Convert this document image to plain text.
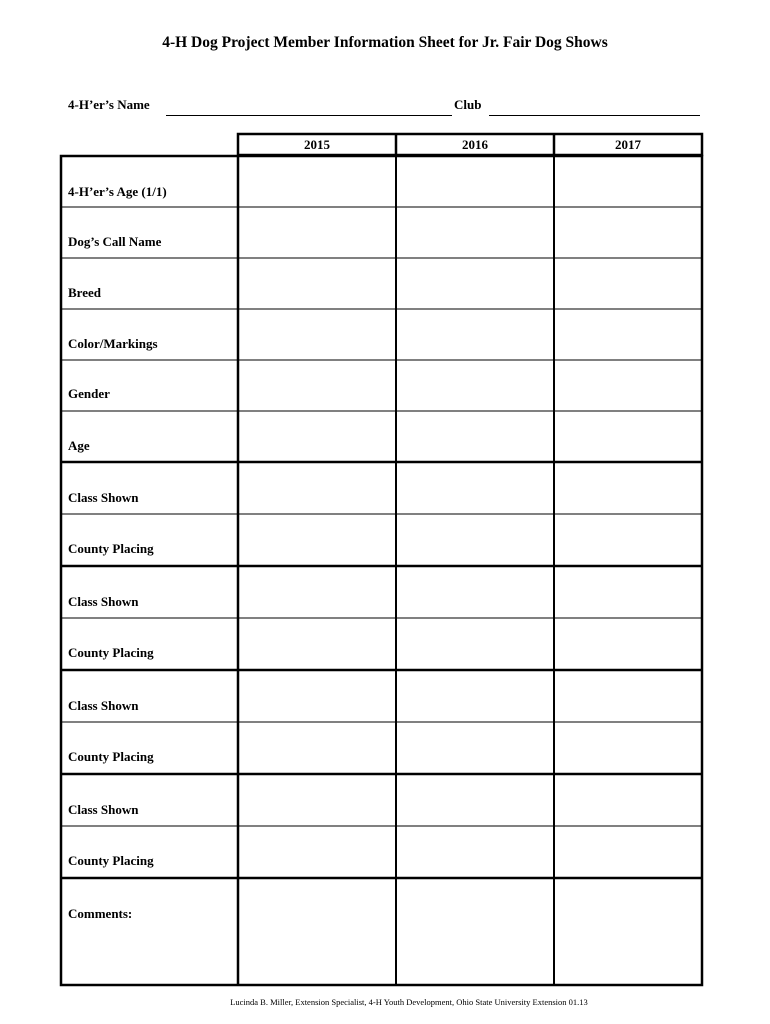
4-H Dog Project Member Information Sheet for Jr. Fair Dog Shows
4-H’er’s Name	Club
2015	2016	2017
4-H’er’s Age (1/1)
Dog’s Call Name
Breed
Color/Markings
Gender
Age
Class Shown
County Placing
Class Shown
County Placing
Class Shown
County Placing
Class Shown
County Placing
Comments:
Lucinda B. Miller, Extension Specialist, 4-H Youth Development, Ohio State University Extension 01.13
